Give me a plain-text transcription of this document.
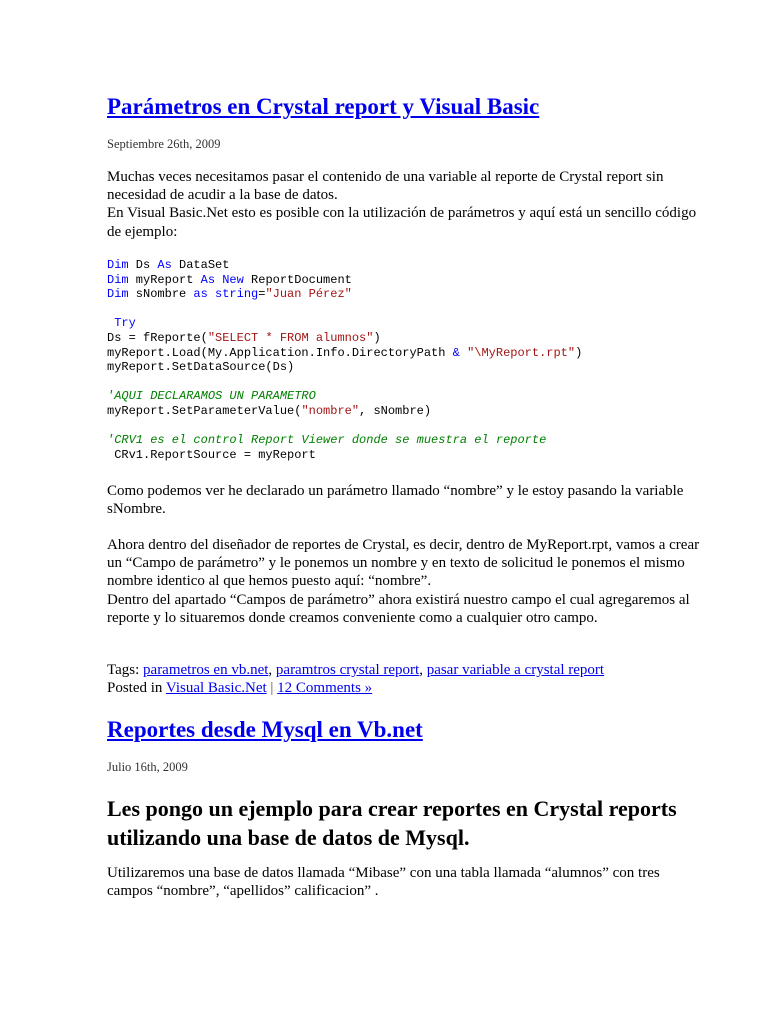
Parámetros en Crystal report y Visual Basic
Septiembre 26th, 2009

Muchas veces necesitamos pasar el contenido de una variable al reporte de Crystal report sin necesidad de acudir a la base de datos.

En Visual Basic.Net esto es posible con la utilización de parámetros y aquí está un sencillo código de ejemplo:

Dim Ds As DataSet
Dim myReport As New ReportDocument
Dim sNombre as string="Juan Pérez"
Try
Ds = fReporte("SELECT * FROM alumnos")
myReport.Load(My.Application.Info.DirectoryPath & "\MyReport.rpt")
myReport.SetDataSource(Ds)
'AQUI DECLARAMOS UN PARAMETRO
myReport.SetParameterValue("nombre", sNombre)
'CRV1 es el control Report Viewer donde se muestra el reporte
CRv1.ReportSource = myReport

Como podemos ver he declarado un parámetro llamado “nombre” y le estoy pasando la variable sNombre.

Ahora dentro del diseñador de reportes de Crystal, es decir, dentro de MyReport.rpt, vamos a crear un “Campo de parámetro” y le ponemos un nombre y en texto de solicitud le ponemos el mismo nombre identico al que hemos puesto aquí: “nombre”.

Dentro del apartado “Campos de parámetro” ahora existirá nuestro campo el cual agregaremos al reporte y lo situaremos donde creamos conveniente como a cualquier otro campo.

Tags: parametros en vb.net, paramtros crystal report, pasar variable a crystal report

Posted in Visual Basic.Net | 12 Comments »

Reportes desde Mysql en Vb.net
Julio 16th, 2009
Les pongo un ejemplo para crear reportes en Crystal reports utilizando una base de datos de Mysql.

Utilizaremos una base de datos llamada “Mibase” con una tabla llamada “alumnos” con tres campos “nombre”, “apellidos” calificacion” .
